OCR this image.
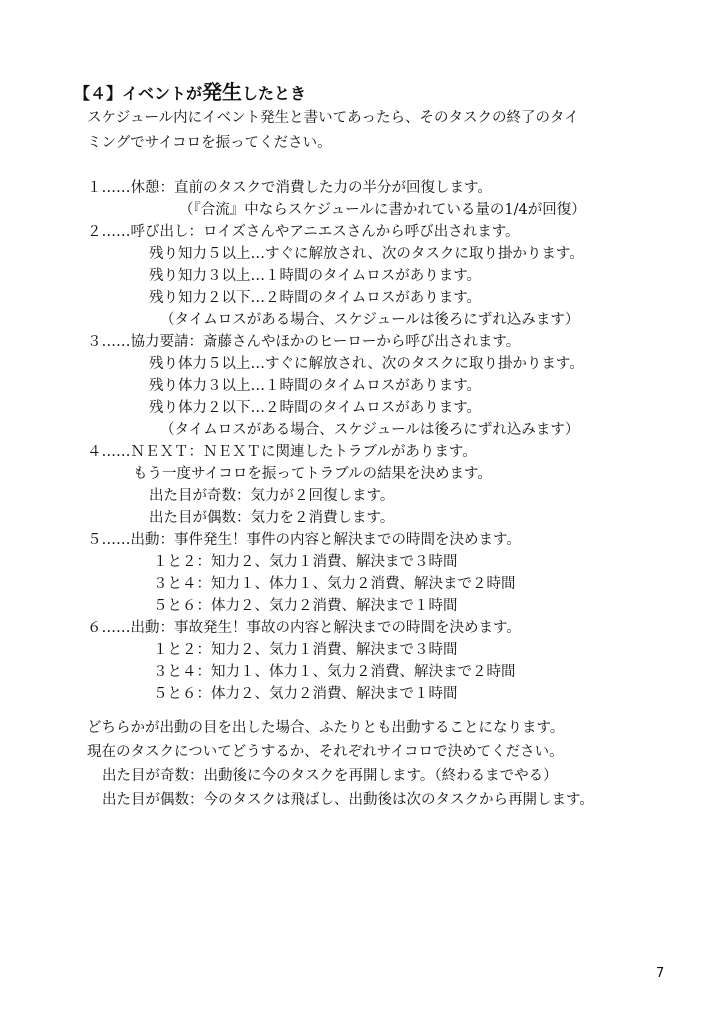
【４】イベントが発生したとき
スケジュール内にイベント発生と書いてあったら、そのタスクの終了のタイ
ミングでサイコロを振ってください。
１……休憩：直前のタスクで消費した力の半分が回復します。
（『合流』中ならスケジュールに書かれている量の1/4が回復）
２……呼び出し：ロイズさんやアニエスさんから呼び出されます。
残り知力５以上…すぐに解放され、次のタスクに取り掛かります。
残り知力３以上…１時間のタイムロスがあります。
残り知力２以下…２時間のタイムロスがあります。
（タイムロスがある場合、スケジュールは後ろにずれ込みます）
３……協力要請：斎藤さんやほかのヒーローから呼び出されます。
残り体力５以上…すぐに解放され、次のタスクに取り掛かります。
残り体力３以上…１時間のタイムロスがあります。
残り体力２以下…２時間のタイムロスがあります。
（タイムロスがある場合、スケジュールは後ろにずれ込みます）
４……ＮＥＸＴ：ＮＥＸＴに関連したトラブルがあります。
もう一度サイコロを振ってトラブルの結果を決めます。
出た目が奇数：気力が２回復します。
出た目が偶数：気力を２消費します。
５……出動：事件発生！事件の内容と解決までの時間を決めます。
１と２：知力２、気力１消費、解決まで３時間
３と４：知力１、体力１、気力２消費、解決まで２時間
５と６：体力２、気力２消費、解決まで１時間
６……出動：事故発生！事故の内容と解決までの時間を決めます。
１と２：知力２、気力１消費、解決まで３時間
３と４：知力１、体力１、気力２消費、解決まで２時間
５と６：体力２、気力２消費、解決まで１時間
どちらかが出動の目を出した場合、ふたりとも出動することになります。
現在のタスクについてどうするか、それぞれサイコロで決めてください。
出た目が奇数：出動後に今のタスクを再開します。（終わるまでやる）
出た目が偶数：今のタスクは飛ばし、出動後は次のタスクから再開します。
7
